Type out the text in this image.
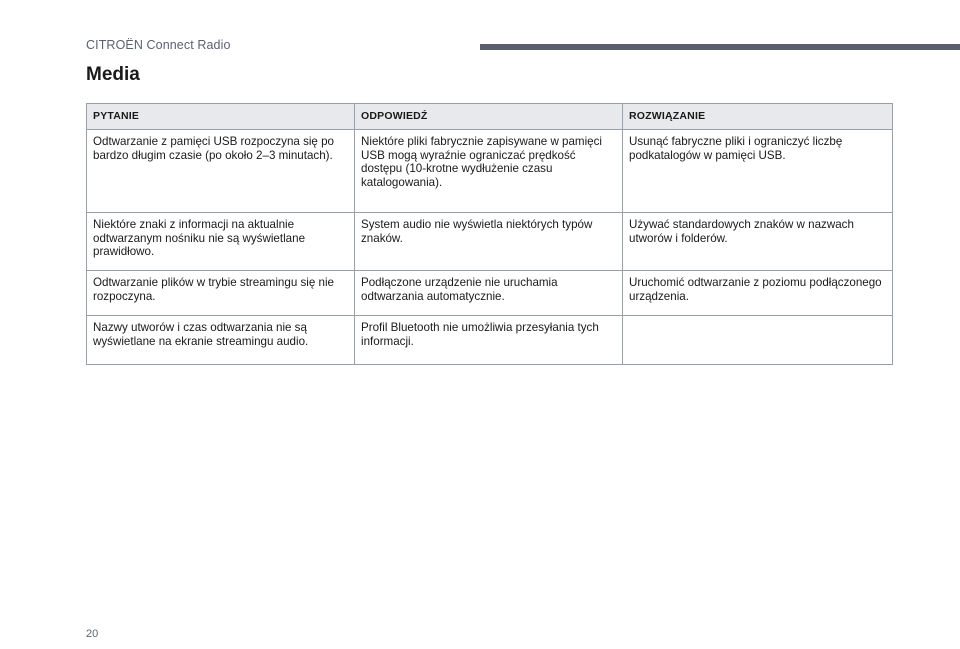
CITROËN Connect Radio
Media
PYTANIE	ODPOWIEDŹ	ROZWIĄZANIE
Odtwarzanie z pamięci USB rozpoczyna się po bardzo długim czasie (po około 2–3 minutach).	Niektóre pliki fabrycznie zapisywane w pamięci USB mogą wyraźnie ograniczać prędkość dostępu (10-krotne wydłużenie czasu katalogowania).	Usunąć fabryczne pliki i ograniczyć liczbę podkatalogów w pamięci USB.
Niektóre znaki z informacji na aktualnie odtwarzanym nośniku nie są wyświetlane prawidłowo.	System audio nie wyświetla niektórych typów znaków.	Używać standardowych znaków w nazwach utworów i folderów.
Odtwarzanie plików w trybie streamingu się nie rozpoczyna.	Podłączone urządzenie nie uruchamia odtwarzania automatycznie.	Uruchomić odtwarzanie z poziomu podłączonego urządzenia.
Nazwy utworów i czas odtwarzania nie są wyświetlane na ekranie streamingu audio.	Profil Bluetooth nie umożliwia przesyłania tych informacji.	
20
